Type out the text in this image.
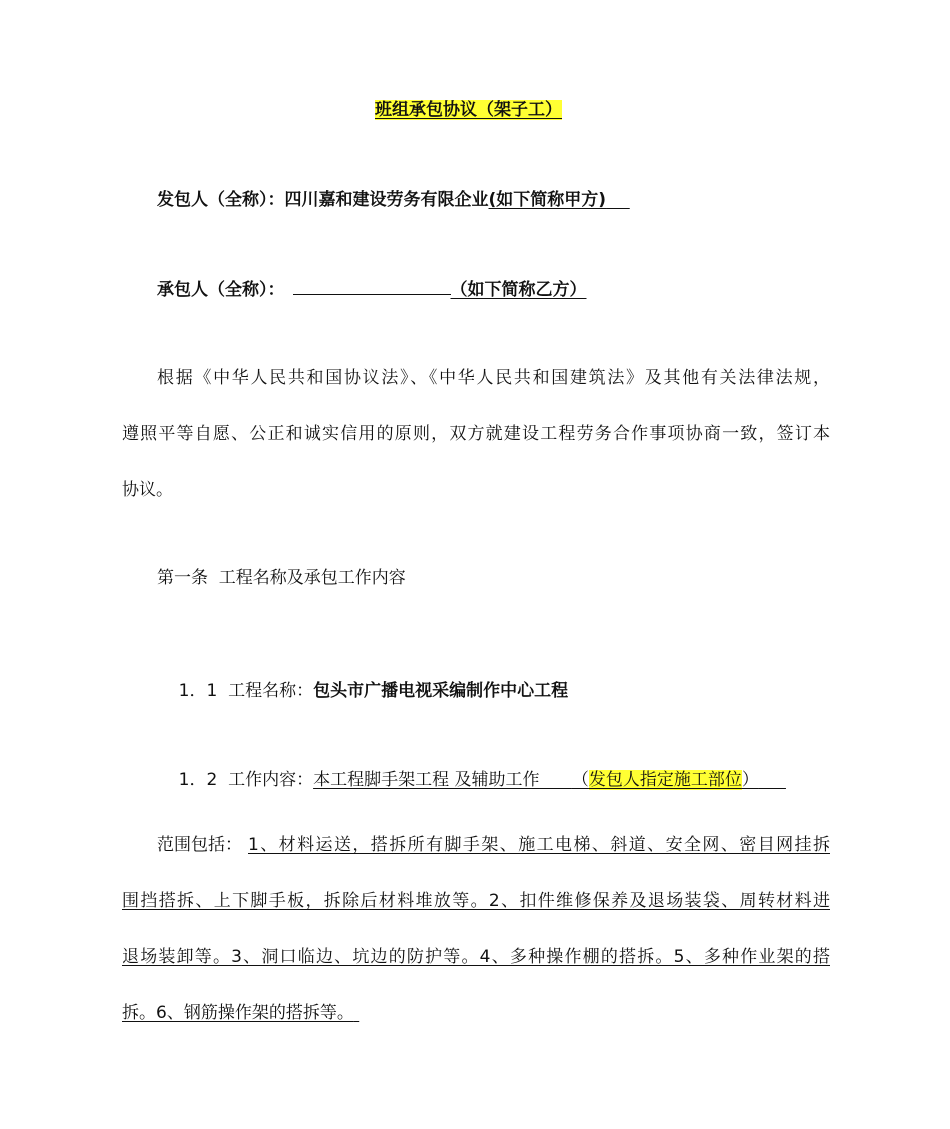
班组承包协议（架子工）
发包人（全称）：四川嘉和建设劳务有限企业(如下简称甲方)
承包人（全称）：	（如下简称乙方）
根据《中华人民共和国协议法》、《中华人民共和国建筑法》及其他有关法律法规，
遵照平等自愿、公正和诚实信用的原则，双方就建设工程劳务合作事项协商一致，签订本
协议。
第一条  工程名称及承包工作内容

1．1  工程名称：包头市广播电视采编制作中心工程

1．2  工作内容：本工程脚手架工程 及辅助工作 （发包人指定施工部位）

范围包括： 1、材料运送，搭拆所有脚手架、施工电梯、斜道、安全网、密目网挂拆
围挡搭拆、上下脚手板，拆除后材料堆放等。2、扣件维修保养及退场装袋、周转材料进
退场装卸等。3、洞口临边、坑边的防护等。4、多种操作棚的搭拆。5、多种作业架的搭
拆。6、钢筋操作架的搭拆等。
